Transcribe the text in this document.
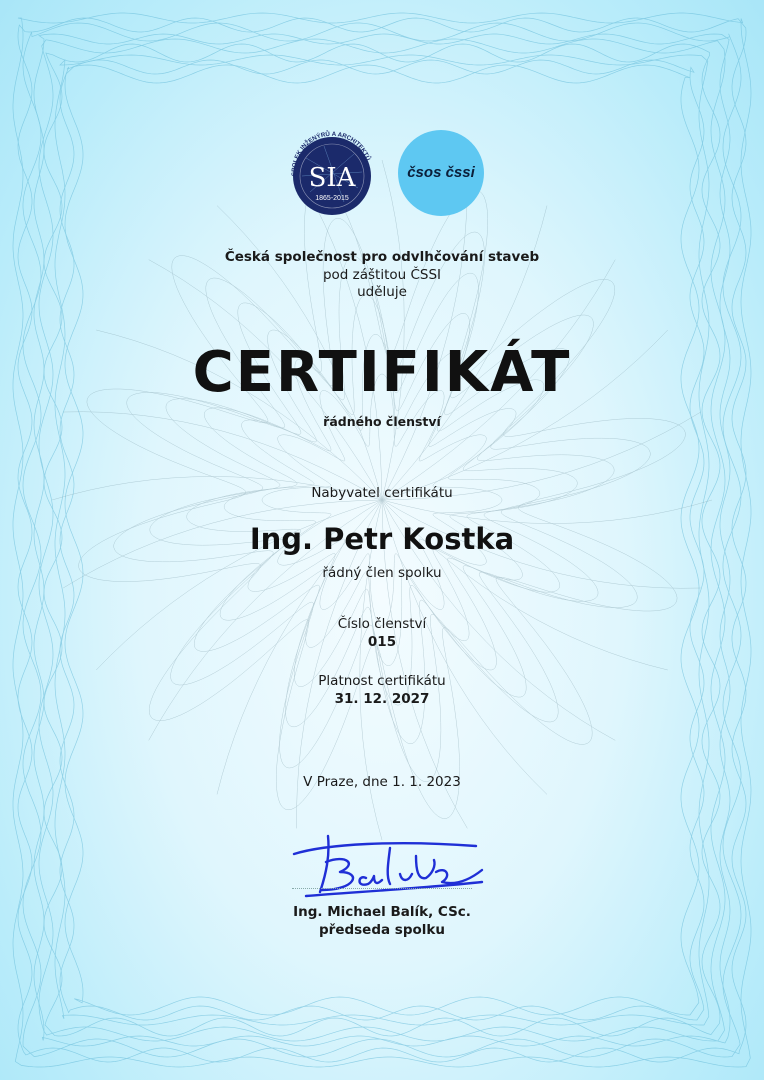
SPOLEK INŽENÝRŮ A ARCHITEKTŮ
SIA
1865-2015
čsos čssi
Česká společnost pro odvlhčování staveb
pod záštitou ČSSI
uděluje
CERTIFIKÁT
řádného členství
Nabyvatel certifikátu
Ing. Petr Kostka
řádný člen spolku
Číslo členství
015
Platnost certifikátu
31. 12. 2027
V Praze, dne 1. 1. 2023
Ing. Michael Balík, CSc.
předseda spolku
